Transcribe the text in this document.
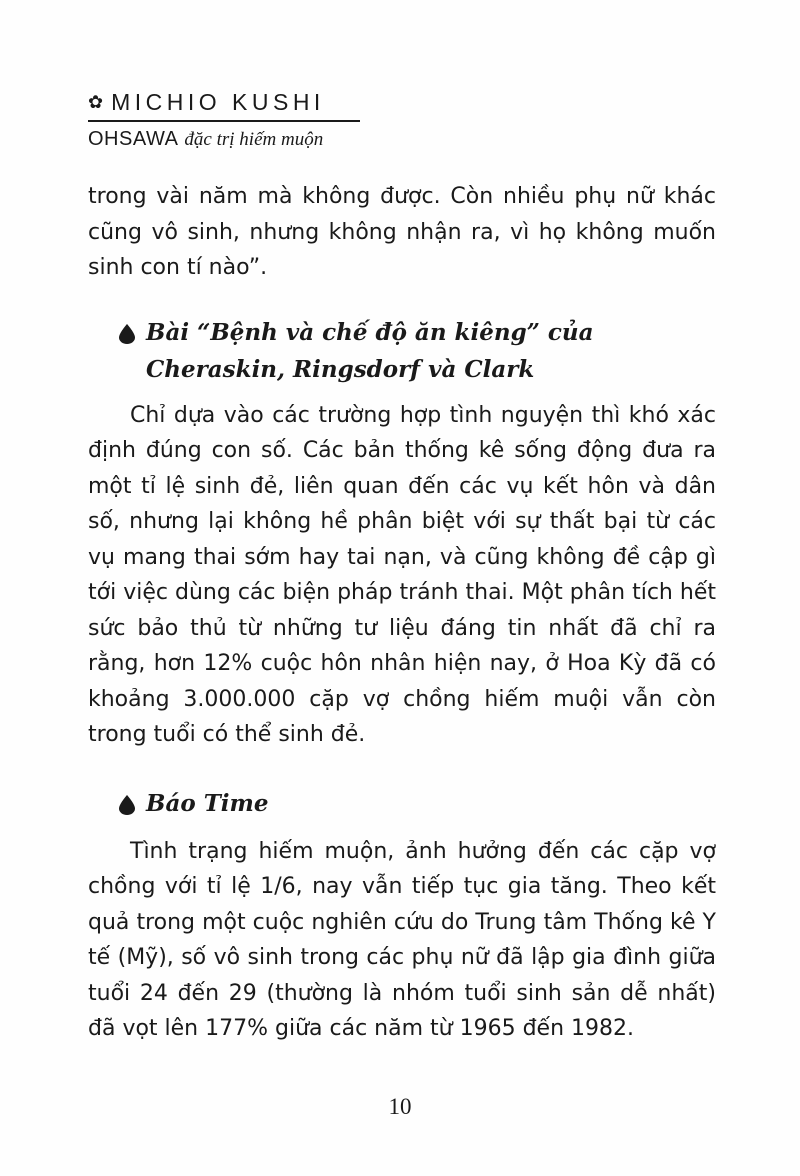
✿ MICHIO KUSHI
OHSAWA đặc trị hiếm muộn

trong vài năm mà không được. Còn nhiều phụ nữ khác cũng vô sinh, nhưng không nhận ra, vì họ không muốn sinh con tí nào”.

Bài “Bệnh và chế độ ăn kiêng” của Cheraskin, Ringsdorf và Clark

Chỉ dựa vào các trường hợp tình nguyện thì khó xác định đúng con số. Các bản thống kê sống động đưa ra một tỉ lệ sinh đẻ, liên quan đến các vụ kết hôn và dân số, nhưng lại không hề phân biệt với sự thất bại từ các vụ mang thai sớm hay tai nạn, và cũng không đề cập gì tới việc dùng các biện pháp tránh thai. Một phân tích hết sức bảo thủ từ những tư liệu đáng tin nhất đã chỉ ra rằng, hơn 12% cuộc hôn nhân hiện nay, ở Hoa Kỳ đã có khoảng 3.000.000 cặp vợ chồng hiếm muội vẫn còn trong tuổi có thể sinh đẻ.

Báo Time

Tình trạng hiếm muộn, ảnh hưởng đến các cặp vợ chồng với tỉ lệ 1/6, nay vẫn tiếp tục gia tăng. Theo kết quả trong một cuộc nghiên cứu do Trung tâm Thống kê Y tế (Mỹ), số vô sinh trong các phụ nữ đã lập gia đình giữa tuổi 24 đến 29 (thường là nhóm tuổi sinh sản dễ nhất) đã vọt lên 177% giữa các năm từ 1965 đến 1982.

10
